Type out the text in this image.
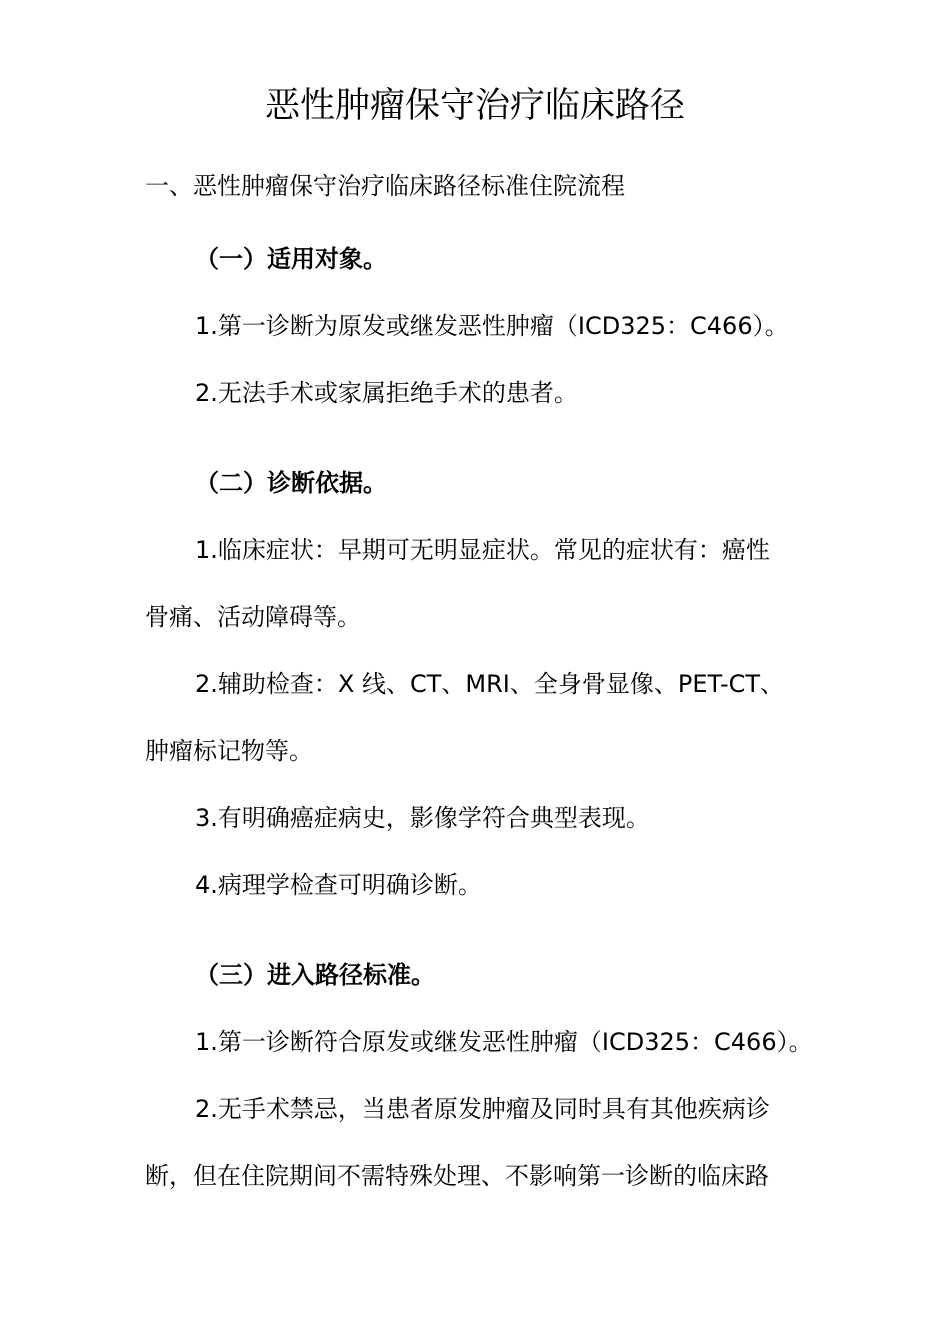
恶性肿瘤保守治疗临床路径
一、恶性肿瘤保守治疗临床路径标准住院流程
（一）适用对象。
1.第一诊断为原发或继发恶性肿瘤（ICD325：C466）。
2.无法手术或家属拒绝手术的患者。
（二）诊断依据。
1.临床症状：早期可无明显症状。常见的症状有：癌性
骨痛、活动障碍等。
2.辅助检查：X 线、CT、MRI、全身骨显像、PET-CT、
肿瘤标记物等。
3.有明确癌症病史，影像学符合典型表现。
4.病理学检查可明确诊断。
（三）进入路径标准。
1.第一诊断符合原发或继发恶性肿瘤（ICD325：C466）。
2.无手术禁忌，当患者原发肿瘤及同时具有其他疾病诊
断，但在住院期间不需特殊处理、不影响第一诊断的临床路
